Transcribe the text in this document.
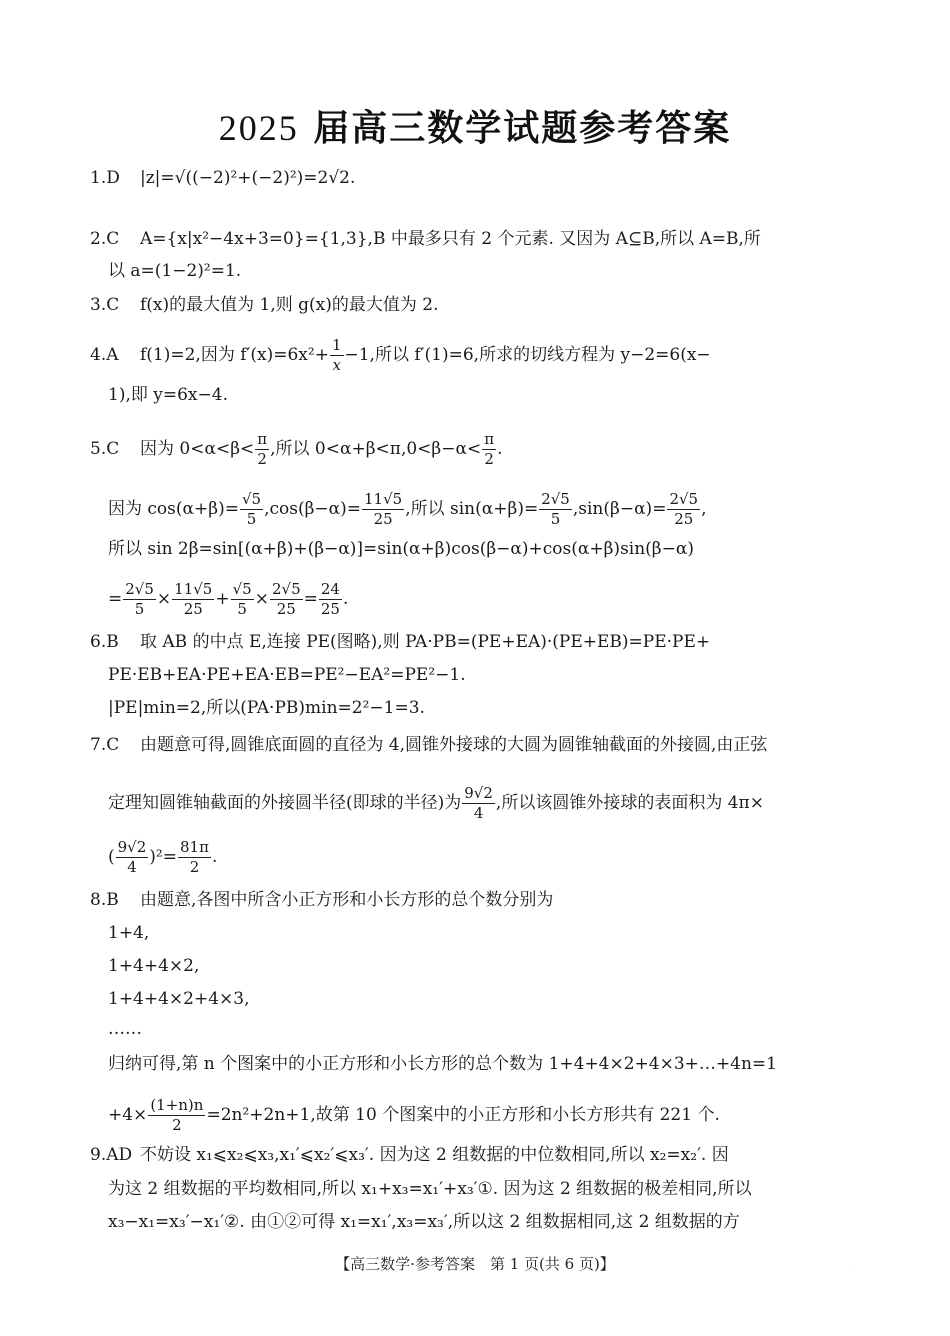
2025 届高三数学试题参考答案
1.D |z|=√((−2)²+(−2)²)=2√2.
2.C A={x|x²−4x+3=0}={1,3},B 中最多只有 2 个元素. 又因为 A⊆B,所以 A=B,所
以 a=(1−2)²=1.
3.C f(x)的最大值为 1,则 g(x)的最大值为 2.
4.A f(1)=2,因为 $f'(x)=6x^2+ \frac{1}{x} -1$,所以 f′(1)=6,所求的切线方程为 y−2=6(x−
1),即 y=6x−4.
5.C 因为 $0<\alpha<\beta< \frac{\pi}{2}$ ,所以 $0<\alpha+\beta<\pi,0<\beta-\alpha< \frac{\pi}{2}$ .
因为 $\cos(\alpha+\beta)= \frac{√5}{5} ,\cos(\beta-\alpha)= \frac{11√5}{25}$ ,所以 $\sin(\alpha+\beta)= \frac{2√5}{5} ,\sin(\beta-\alpha)= \frac{2√5}{25}$ ,
所以 sin 2β=sin[(α+β)+(β−α)]=sin(α+β)cos(β−α)+cos(α+β)sin(β−α)
= $\frac{2√5}{5} \times \frac{11√5}{25} + \frac{√5}{5} \times \frac{2√5}{25} = \frac{24}{25}$ .
6.B 取 AB 的中点 E,连接 PE(图略),则 PA·PB=(PE+EA)·(PE+EB)=PE·PE+
PE·EB+EA·PE+EA·EB=PE²−EA²=PE²−1.
|PE|min=2,所以(PA·PB)min=2²−1=3.
7.C 由题意可得,圆锥底面圆的直径为 4,圆锥外接球的大圆为圆锥轴截面的外接圆,由正弦
定理知圆锥轴截面的外接圆半径(即球的半径)为 $\frac{9√2}{4}$ ,所以该圆锥外接球的表面积为 4π×
( $\frac{9√2}{4} )^2= \frac{81\pi}{2}$ .
8.B 由题意,各图中所含小正方形和小长方形的总个数分别为
1+4,
1+4+4×2,
1+4+4×2+4×3,
……
归纳可得,第 n 个图案中的小正方形和小长方形的总个数为 1+4+4×2+4×3+…+4n=1
$+4\times \frac{(1+n)n}{2} =2n^2+2n+1$,故第 10 个图案中的小正方形和小长方形共有 221 个.
9.AD 不妨设 x₁⩽x₂⩽x₃,x₁′⩽x₂′⩽x₃′. 因为这 2 组数据的中位数相同,所以 x₂=x₂′. 因
为这 2 组数据的平均数相同,所以 x₁+x₃=x₁′+x₃′①. 因为这 2 组数据的极差相同,所以
x₃−x₁=x₃′−x₁′②. 由①②可得 x₁=x₁′,x₃=x₃′,所以这 2 组数据相同,这 2 组数据的方
【高三数学·参考答案　第 1 页(共 6 页)】	··
